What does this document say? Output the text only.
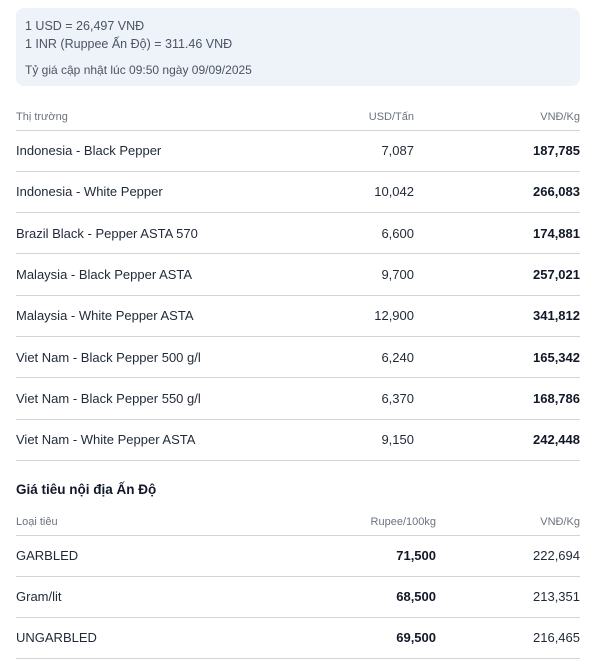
1 USD = 26,497 VNĐ
1 INR (Ruppee Ấn Độ) = 311.46 VNĐ
Tỷ giá cập nhật lúc 09:50 ngày 09/09/2025
Thị trường	USD/Tấn	VNĐ/Kg
Indonesia - Black Pepper	7,087	187,785
Indonesia - White Pepper	10,042	266,083
Brazil Black - Pepper ASTA 570	6,600	174,881
Malaysia - Black Pepper ASTA	9,700	257,021
Malaysia - White Pepper ASTA	12,900	341,812
Viet Nam - Black Pepper 500 g/l	6,240	165,342
Viet Nam - Black Pepper 550 g/l	6,370	168,786
Viet Nam - White Pepper ASTA	9,150	242,448
Giá tiêu nội địa Ấn Độ
Loại tiêu	Rupee/100kg	VNĐ/Kg
GARBLED	71,500	222,694
Gram/lit	68,500	213,351
UNGARBLED	69,500	216,465
